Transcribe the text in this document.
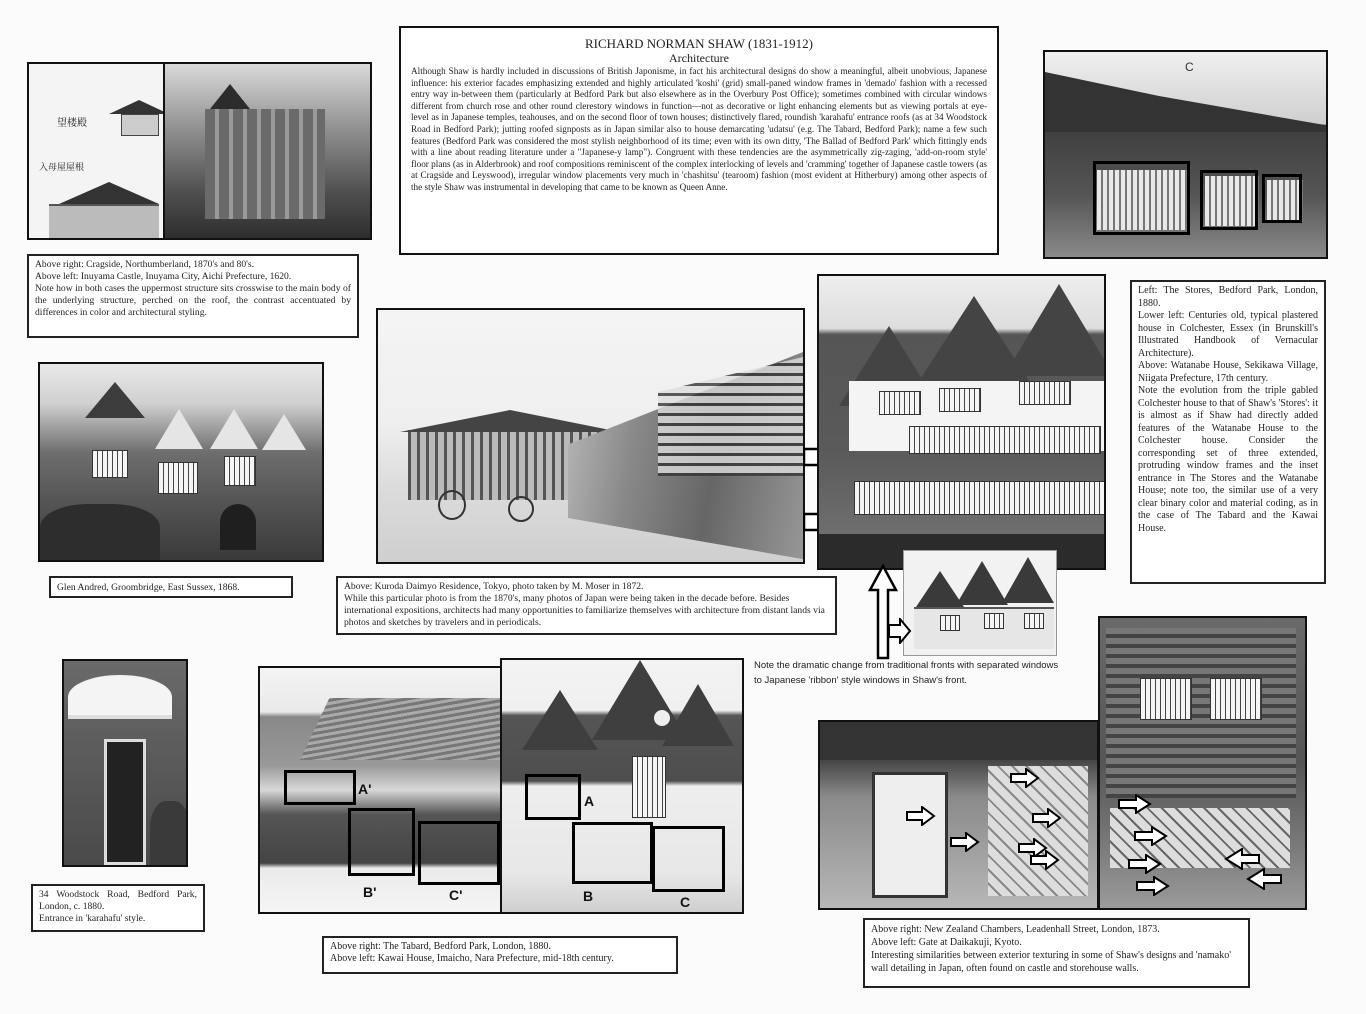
RICHARD NORMAN SHAW (1831-1912)
Architecture
Although Shaw is hardly included in discussions of British Japonisme, in fact his architectural designs do show a meaningful, albeit unobvious, Japanese influence: his exterior facades emphasizing extended and highly articulated 'koshi' (grid) small-paned window frames in 'demado' fashion with a recessed entry way in-between them (particularly at Bedford Park but also elsewhere as in the Overbury Post Office); sometimes combined with circular windows different from church rose and other round clerestory windows in function—not as decorative or light enhancing elements but as viewing portals at eye-level as in Japanese temples, teahouses, and on the second floor of town houses; distinctively flared, roundish 'karahafu' entrance roofs (as at 34 Woodstock Road in Bedford Park); jutting roofed signposts as in Japan similar also to house demarcating 'udatsu' (e.g. The Tabard, Bedford Park); name a few such features (Bedford Park was considered the most stylish neighborhood of its time; even with its own ditty, 'The Ballad of Bedford Park' which fittingly ends with a line about reading literature under a "Japanese-y lamp"). Congruent with these tendencies are the asymmetrically zig-zaging, 'add-on-room style' floor plans (as in Alderbrook) and roof compositions reminiscent of the complex interlocking of levels and 'cramming' together of Japanese castle towers (as at Cragside and Leyswood), irregular window placements very much in 'chashitsu' (tearoom) fashion (most evident at Hitherbury) among other aspects of the style Shaw was instrumental in developing that came to be known as Queen Anne.
望楼殿
入母屋屋根
Above right: Cragside, Northumberland, 1870's and 80's.
Above left: Inuyama Castle, Inuyama City, Aichi Prefecture, 1620.
Note how in both cases the uppermost structure sits crosswise to the main body of the underlying structure, perched on the roof, the contrast accentuated by differences in color and architectural styling.
Glen Andred, Groombridge, East Sussex, 1868.	Above: Kuroda Daimyo Residence, Tokyo, photo taken by M. Moser in 1872.
While this particular photo is from the 1870's, many photos of Japan were being taken in the decade before. Besides international expositions, architects had many opportunities to familiarize themselves with architecture from distant lands via photos and sketches by travelers and in periodicals.
C
Left: The Stores, Bedford Park, London, 1880.
Lower left: Centuries old, typical plastered house in Colchester, Essex (in Brunskill's Illustrated Handbook of Vernacular Architecture).
Above: Watanabe House, Sekikawa Village, Niigata Prefecture, 17th century.
Note the evolution from the triple gabled Colchester house to that of Shaw's 'Stores': it is almost as if Shaw had directly added features of the Watanabe House to the Colchester house. Consider the corresponding set of three extended, protruding window frames and the inset entrance in The Stores and the Watanabe House; note too, the similar use of a very clear binary color and material coding, as in the case of The Tabard and the Kawai House.
Note the dramatic change from traditional fronts with separated windows to Japanese 'ribbon' style windows in Shaw's front.
34 Woodstock Road, Bedford Park, London, c. 1880.
Entrance in 'karahafu' style.
A'
B'	C'
A
B	C
Above right: The Tabard, Bedford Park, London, 1880.
Above left: Kawai House, Imaicho, Nara Prefecture, mid-18th century.
Above right: New Zealand Chambers, Leadenhall Street, London, 1873.
Above left: Gate at Daikakuji, Kyoto.
Interesting similarities between exterior texturing in some of Shaw's designs and 'namako' wall detailing in Japan, often found on castle and storehouse walls.
